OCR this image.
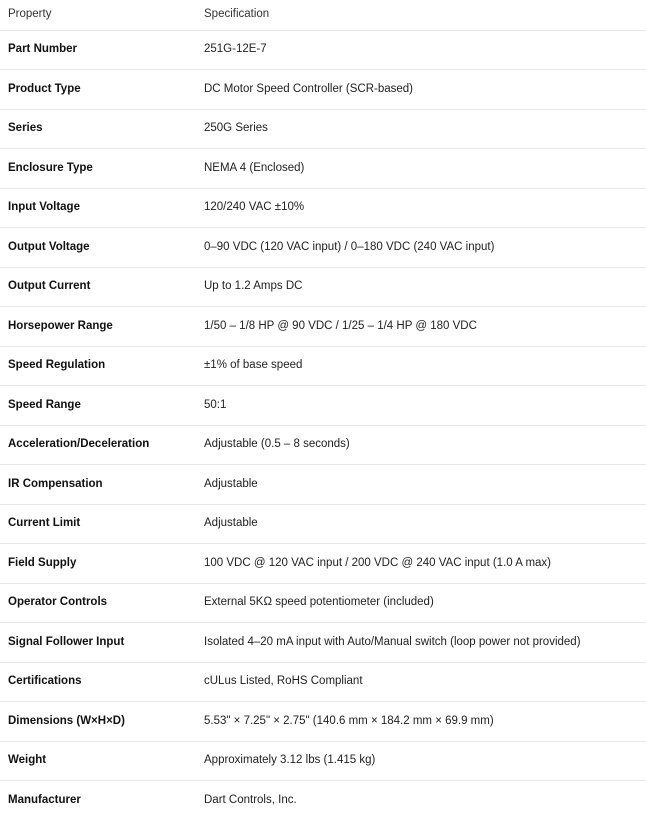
Property	Specification
Part Number	251G-12E-7
Product Type	DC Motor Speed Controller (SCR-based)
Series	250G Series
Enclosure Type	NEMA 4 (Enclosed)
Input Voltage	120/240 VAC ±10%
Output Voltage	0–90 VDC (120 VAC input) / 0–180 VDC (240 VAC input)
Output Current	Up to 1.2 Amps DC
Horsepower Range	1/50 – 1/8 HP @ 90 VDC / 1/25 – 1/4 HP @ 180 VDC
Speed Regulation	±1% of base speed
Speed Range	50:1
Acceleration/Deceleration	Adjustable (0.5 – 8 seconds)
IR Compensation	Adjustable
Current Limit	Adjustable
Field Supply	100 VDC @ 120 VAC input / 200 VDC @ 240 VAC input (1.0 A max)
Operator Controls	External 5KΩ speed potentiometer (included)
Signal Follower Input	Isolated 4–20 mA input with Auto/Manual switch (loop power not provided)
Certifications	cULus Listed, RoHS Compliant
Dimensions (W×H×D)	5.53" × 7.25" × 2.75" (140.6 mm × 184.2 mm × 69.9 mm)
Weight	Approximately 3.12 lbs (1.415 kg)
Manufacturer	Dart Controls, Inc.
